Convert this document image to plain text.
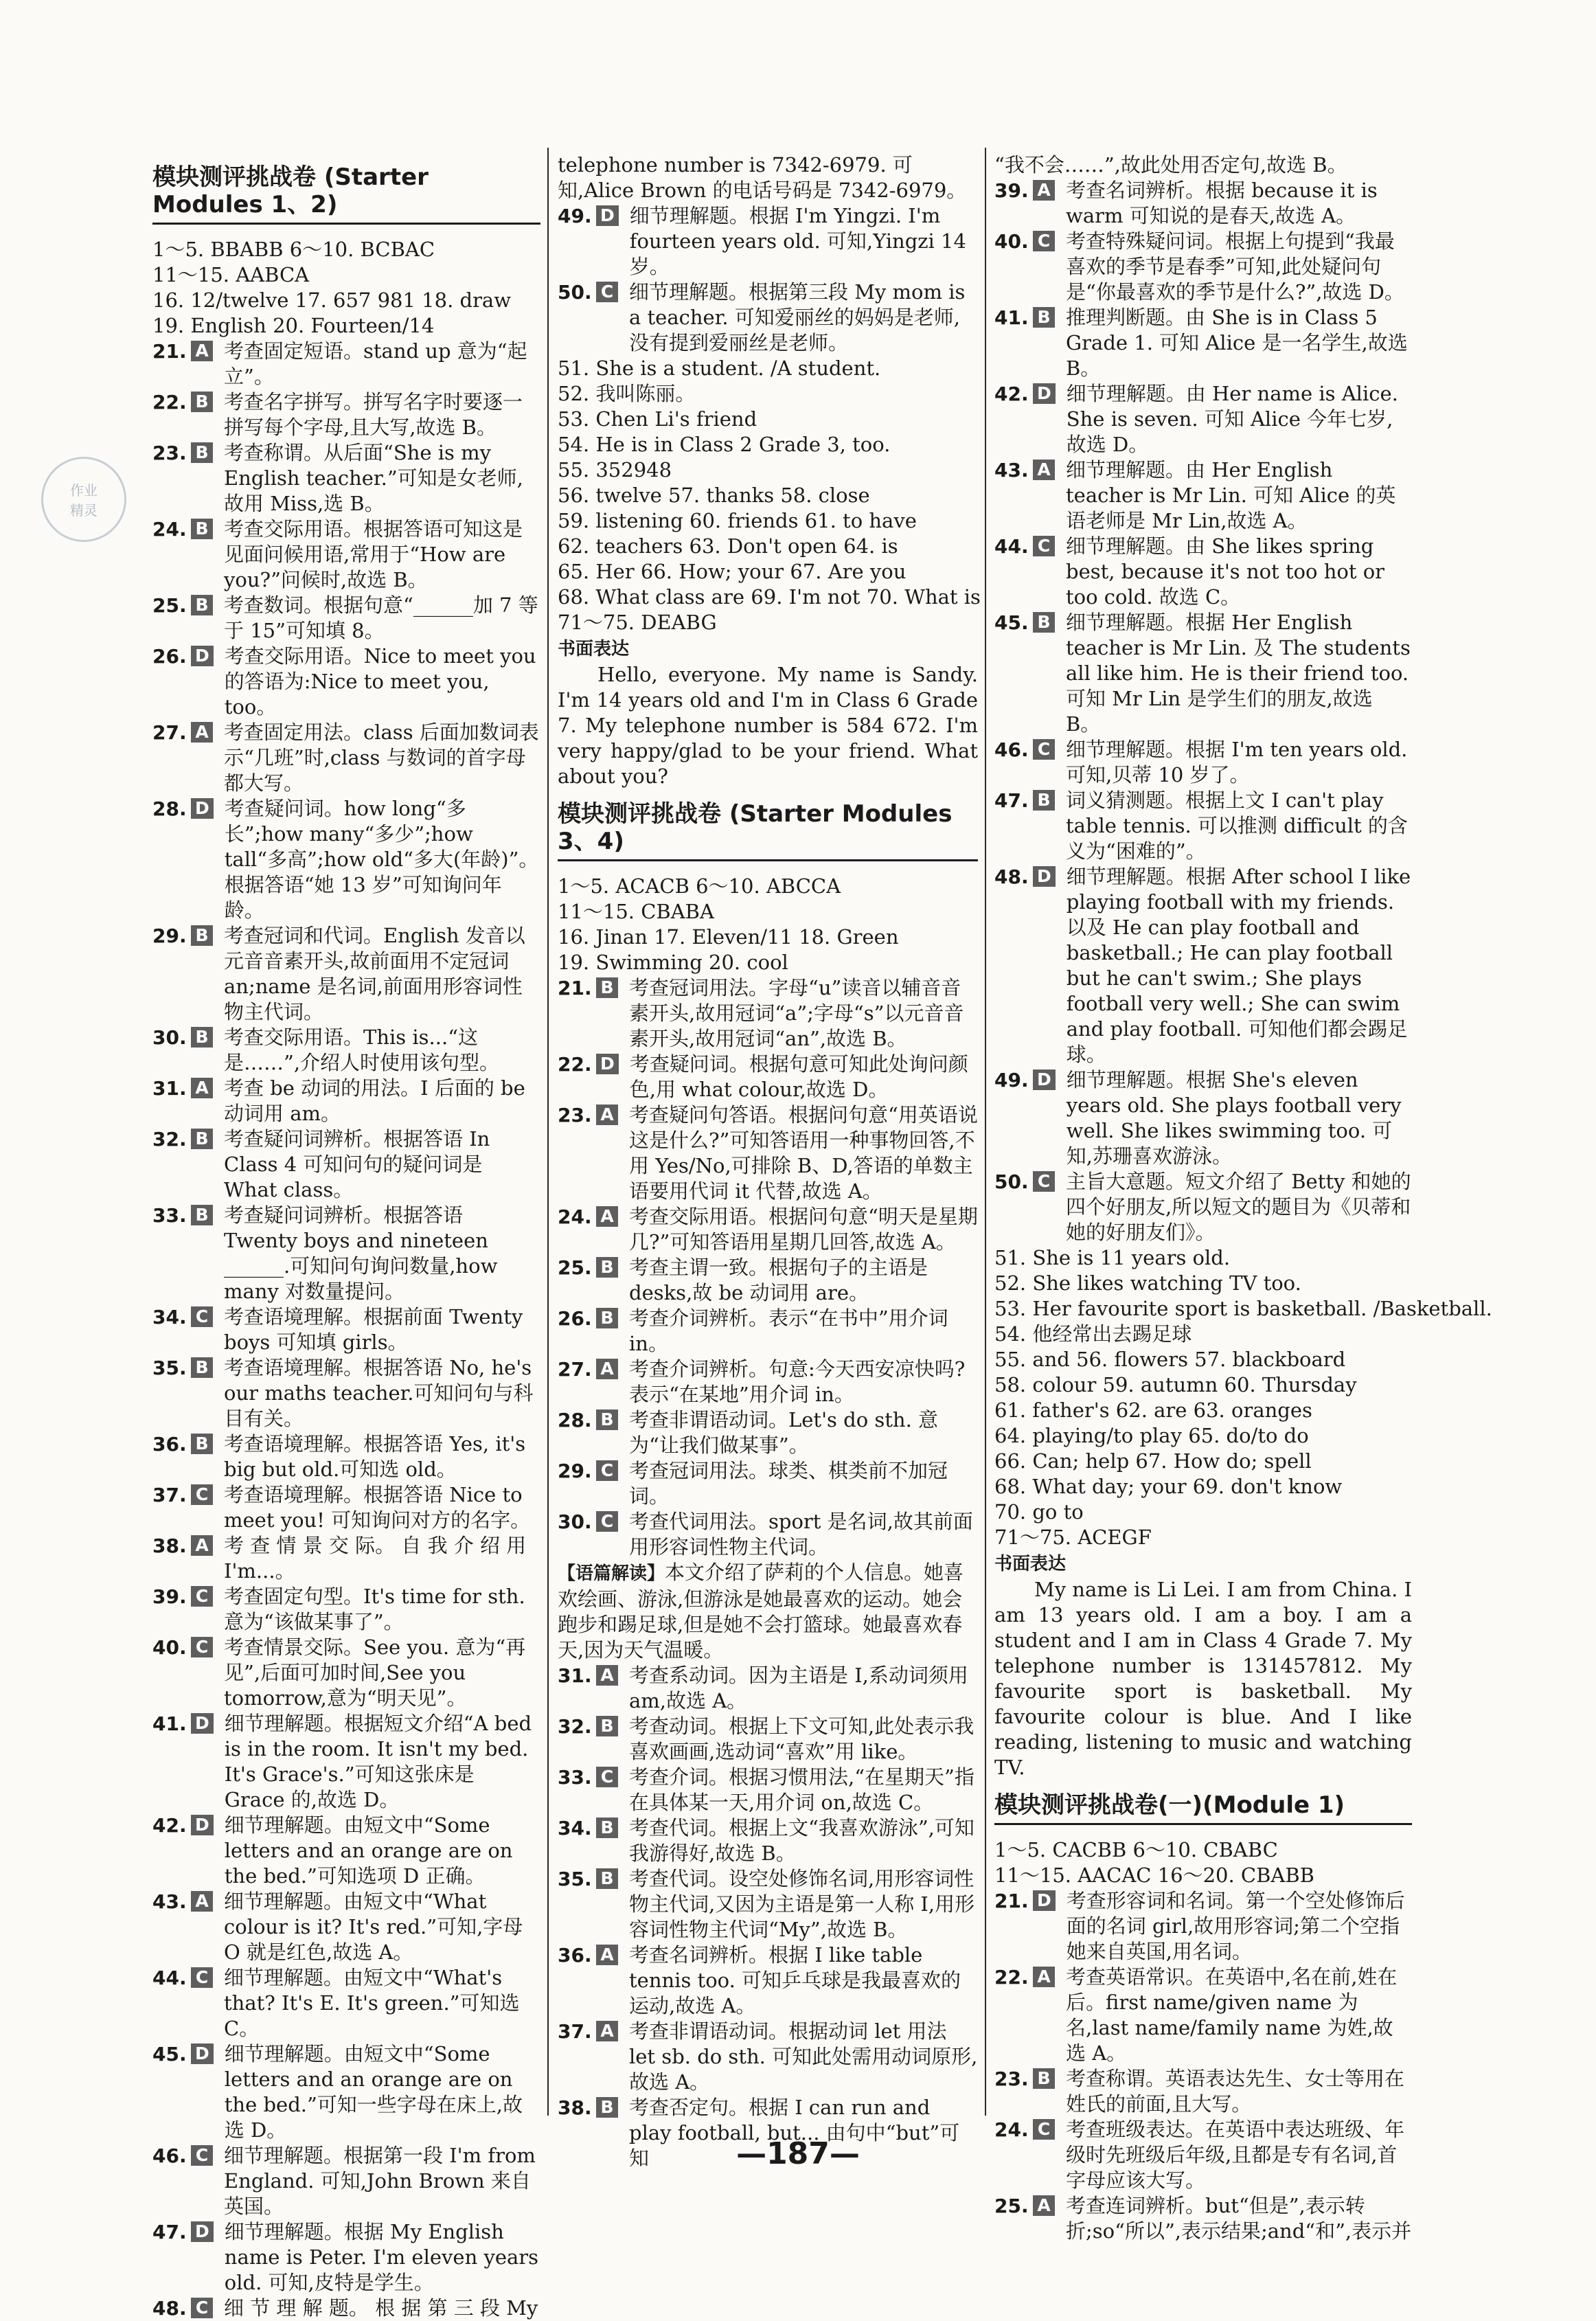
作业
精灵
模块测评挑战卷 (Starter Modules 1、2)
1～5. BBABB 6～10. BCBAC
11～15. AABCA
16. 12/twelve 17. 657 981 18. draw
19. English 20. Fourteen/14
21. A 考查固定短语。stand up 意为“起立”。
22. B 考查名字拼写。拼写名字时要逐一拼写每个字母,且大写,故选 B。
23. B 考查称谓。从后面“She is my English teacher.”可知是女老师,故用 Miss,选 B。
24. B 考查交际用语。根据答语可知这是见面问候用语,常用于“How are you?”问候时,故选 B。
25. B 考查数词。根据句意“______加 7 等于 15”可知填 8。
26. D 考查交际用语。Nice to meet you 的答语为:Nice to meet you, too。
27. A 考查固定用法。class 后面加数词表示“几班”时,class 与数词的首字母都大写。
28. D 考查疑问词。how long“多长”;how many“多少”;how tall“多高”;how old“多大(年龄)”。根据答语“她 13 岁”可知询问年龄。
29. B 考查冠词和代词。English 发音以元音音素开头,故前面用不定冠词 an;name 是名词,前面用形容词性物主代词。
30. B 考查交际用语。This is...“这是……”,介绍人时使用该句型。
31. A 考查 be 动词的用法。I 后面的 be 动词用 am。
32. B 考查疑问词辨析。根据答语 In Class 4 可知问句的疑问词是 What class。
33. B 考查疑问词辨析。根据答语 Twenty boys and nineteen ______.可知问句询问数量,how many 对数量提问。
34. C 考查语境理解。根据前面 Twenty boys 可知填 girls。
35. B 考查语境理解。根据答语 No, he's our maths teacher.可知问句与科目有关。
36. B 考查语境理解。根据答语 Yes, it's big but old.可知选 old。
37. C 考查语境理解。根据答语 Nice to meet you! 可知询问对方的名字。
38. A 考 查 情 景 交 际。 自 我 介 绍 用 I'm...。
39. C 考查固定句型。It's time for sth. 意为“该做某事了”。
40. C 考查情景交际。See you. 意为“再见”,后面可加时间,See you tomorrow,意为“明天见”。
41. D 细节理解题。根据短文介绍“A bed is in the room. It isn't my bed. It's Grace's.”可知这张床是 Grace 的,故选 D。
42. D 细节理解题。由短文中“Some letters and an orange are on the bed.”可知选项 D 正确。
43. A 细节理解题。由短文中“What colour is it? It's red.”可知,字母 O 就是红色,故选 A。
44. C 细节理解题。由短文中“What's that? It's E. It's green.”可知选 C。
45. D 细节理解题。由短文中“Some letters and an orange are on the bed.”可知一些字母在床上,故选 D。
46. C 细节理解题。根据第一段 I'm from England. 可知,John Brown 来自英国。
47. D 细节理解题。根据 My English name is Peter. I'm eleven years old. 可知,皮特是学生。
48. C 细 节 理 解 题。 根 据 第 三 段 My
telephone number is 7342-6979. 可知,Alice Brown 的电话号码是 7342-6979。
49. D 细节理解题。根据 I'm Yingzi. I'm fourteen years old. 可知,Yingzi 14 岁。
50. C 细节理解题。根据第三段 My mom is a teacher. 可知爱丽丝的妈妈是老师,没有提到爱丽丝是老师。
51. She is a student. /A student.
52. 我叫陈丽。
53. Chen Li's friend
54. He is in Class 2 Grade 3, too.
55. 352948
56. twelve 57. thanks 58. close
59. listening 60. friends 61. to have
62. teachers 63. Don't open 64. is
65. Her 66. How; your 67. Are you
68. What class are 69. I'm not 70. What is
71～75. DEABG
书面表达
Hello, everyone. My name is Sandy. I'm 14 years old and I'm in Class 6 Grade 7. My telephone number is 584 672. I'm very happy/glad to be your friend. What about you?
模块测评挑战卷 (Starter Modules 3、4)
1～5. ACACB 6～10. ABCCA
11～15. CBABA
16. Jinan 17. Eleven/11 18. Green
19. Swimming 20. cool
21. B 考查冠词用法。字母“u”读音以辅音音素开头,故用冠词“a”;字母“s”以元音音素开头,故用冠词“an”,故选 B。
22. D 考查疑问词。根据句意可知此处询问颜色,用 what colour,故选 D。
23. A 考查疑问句答语。根据问句意“用英语说这是什么?”可知答语用一种事物回答,不用 Yes/No,可排除 B、D,答语的单数主语要用代词 it 代替,故选 A。
24. A 考查交际用语。根据问句意“明天是星期几?”可知答语用星期几回答,故选 A。
25. B 考查主谓一致。根据句子的主语是 desks,故 be 动词用 are。
26. B 考查介词辨析。表示“在书中”用介词 in。
27. A 考查介词辨析。句意:今天西安凉快吗?表示“在某地”用介词 in。
28. B 考查非谓语动词。Let's do sth. 意为“让我们做某事”。
29. C 考查冠词用法。球类、棋类前不加冠词。
30. C 考查代词用法。sport 是名词,故其前面用形容词性物主代词。
【语篇解读】本文介绍了萨莉的个人信息。她喜欢绘画、游泳,但游泳是她最喜欢的运动。她会跑步和踢足球,但是她不会打篮球。她最喜欢春天,因为天气温暖。
31. A 考查系动词。因为主语是 I,系动词须用 am,故选 A。
32. B 考查动词。根据上下文可知,此处表示我喜欢画画,选动词“喜欢”用 like。
33. C 考查介词。根据习惯用法,“在星期天”指在具体某一天,用介词 on,故选 C。
34. B 考查代词。根据上文“我喜欢游泳”,可知我游得好,故选 B。
35. B 考查代词。设空处修饰名词,用形容词性物主代词,又因为主语是第一人称 I,用形容词性物主代词“My”,故选 B。
36. A 考查名词辨析。根据 I like table tennis too. 可知乒乓球是我最喜欢的运动,故选 A。
37. A 考查非谓语动词。根据动词 let 用法 let sb. do sth. 可知此处需用动词原形,故选 A。
38. B 考查否定句。根据 I can run and play football, but... 由句中“but”可知
“我不会……”,故此处用否定句,故选 B。
39. A 考查名词辨析。根据 because it is warm 可知说的是春天,故选 A。
40. C 考查特殊疑问词。根据上句提到“我最喜欢的季节是春季”可知,此处疑问句是“你最喜欢的季节是什么?”,故选 D。
41. B 推理判断题。由 She is in Class 5 Grade 1. 可知 Alice 是一名学生,故选 B。
42. D 细节理解题。由 Her name is Alice. She is seven. 可知 Alice 今年七岁,故选 D。
43. A 细节理解题。由 Her English teacher is Mr Lin. 可知 Alice 的英语老师是 Mr Lin,故选 A。
44. C 细节理解题。由 She likes spring best, because it's not too hot or too cold. 故选 C。
45. B 细节理解题。根据 Her English teacher is Mr Lin. 及 The students all like him. He is their friend too. 可知 Mr Lin 是学生们的朋友,故选 B。
46. C 细节理解题。根据 I'm ten years old. 可知,贝蒂 10 岁了。
47. B 词义猜测题。根据上文 I can't play table tennis. 可以推测 difficult 的含义为“困难的”。
48. D 细节理解题。根据 After school I like playing football with my friends. 以及 He can play football and basketball.; He can play football but he can't swim.; She plays football very well.; She can swim and play football. 可知他们都会踢足球。
49. D 细节理解题。根据 She's eleven years old. She plays football very well. She likes swimming too. 可知,苏珊喜欢游泳。
50. C 主旨大意题。短文介绍了 Betty 和她的四个好朋友,所以短文的题目为《贝蒂和她的好朋友们》。
51. She is 11 years old.
52. She likes watching TV too.
53. Her favourite sport is basketball. /Basketball.
54. 他经常出去踢足球
55. and 56. flowers 57. blackboard
58. colour 59. autumn 60. Thursday
61. father's 62. are 63. oranges
64. playing/to play 65. do/to do
66. Can; help 67. How do; spell
68. What day; your 69. don't know
70. go to
71～75. ACEGF
书面表达
My name is Li Lei. I am from China. I am 13 years old. I am a boy. I am a student and I am in Class 4 Grade 7. My telephone number is 131457812. My favourite sport is basketball. My favourite colour is blue. And I like reading, listening to music and watching TV.
模块测评挑战卷(一)(Module 1)
1～5. CACBB 6～10. CBABC
11～15. AACAC 16～20. CBABB
21. D 考查形容词和名词。第一个空处修饰后面的名词 girl,故用形容词;第二个空指她来自英国,用名词。
22. A 考查英语常识。在英语中,名在前,姓在后。first name/given name 为名,last name/family name 为姓,故选 A。
23. B 考查称谓。英语表达先生、女士等用在姓氏的前面,且大写。
24. C 考查班级表达。在英语中表达班级、年级时先班级后年级,且都是专有名词,首字母应该大写。
25. A 考查连词辨析。but“但是”,表示转折;so“所以”,表示结果;and“和”,表示并
—187—
